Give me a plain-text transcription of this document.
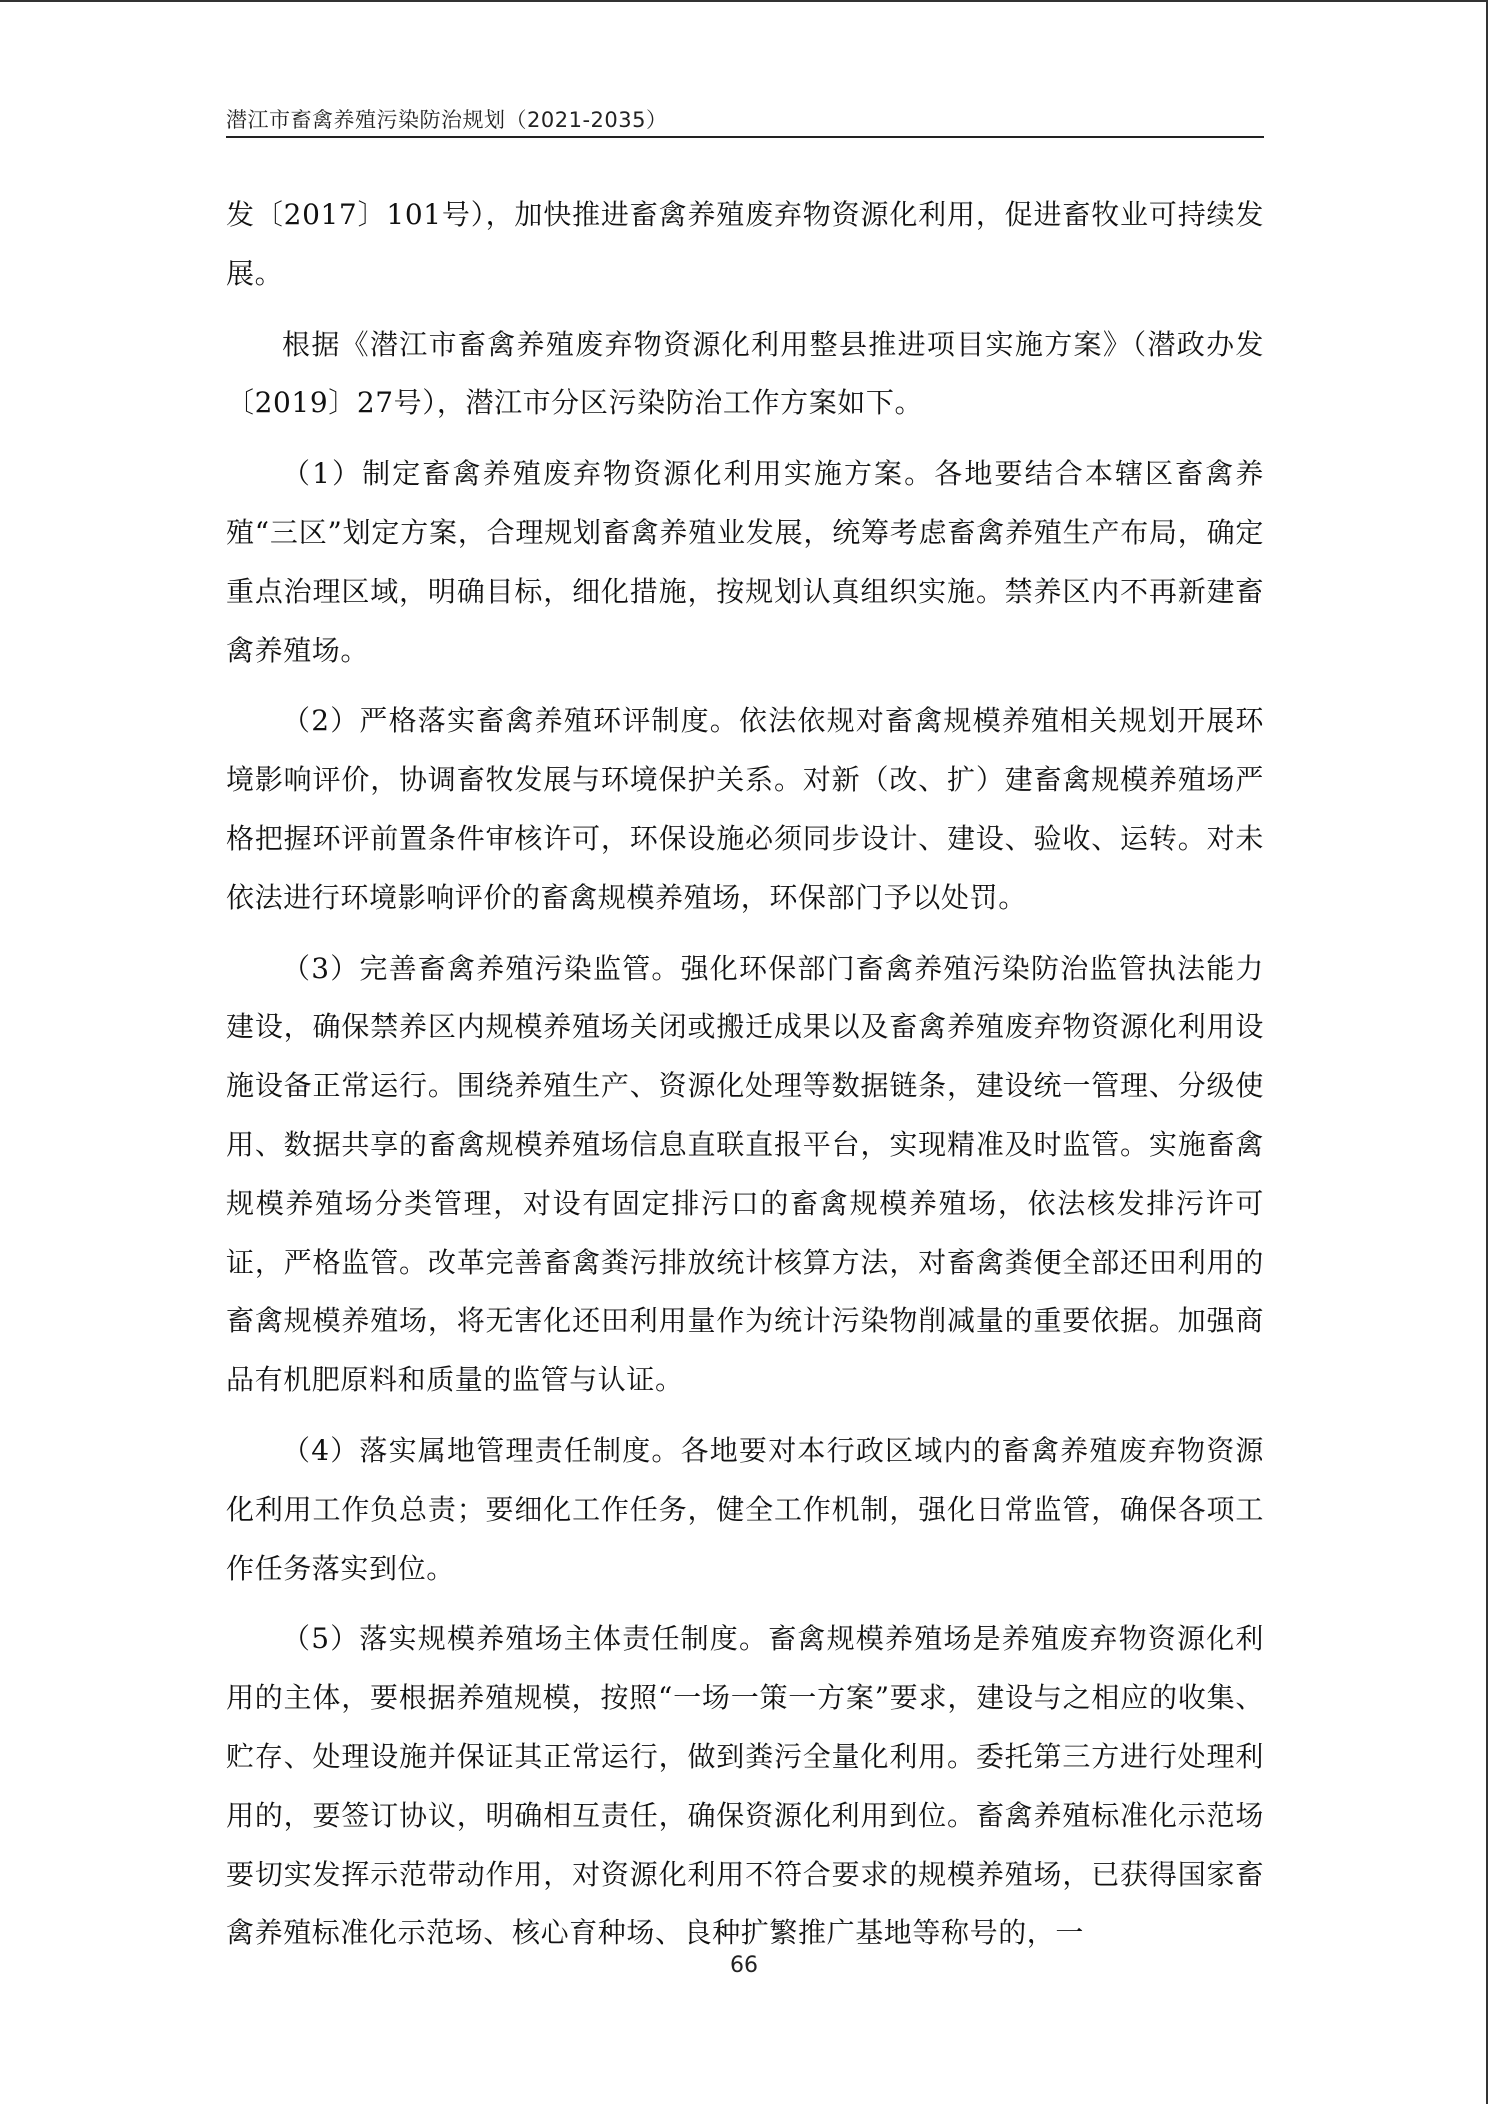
潜江市畜禽养殖污染防治规划（2021-2035）

发〔2017〕101号），加快推进畜禽养殖废弃物资源化利用，促进畜牧业可持续发展。

根据《潜江市畜禽养殖废弃物资源化利用整县推进项目实施方案》（潜政办发〔2019〕27号），潜江市分区污染防治工作方案如下。

（1）制定畜禽养殖废弃物资源化利用实施方案。各地要结合本辖区畜禽养殖“三区”划定方案，合理规划畜禽养殖业发展，统筹考虑畜禽养殖生产布局，确定重点治理区域，明确目标，细化措施，按规划认真组织实施。禁养区内不再新建畜禽养殖场。

（2）严格落实畜禽养殖环评制度。依法依规对畜禽规模养殖相关规划开展环境影响评价，协调畜牧发展与环境保护关系。对新（改、扩）建畜禽规模养殖场严格把握环评前置条件审核许可，环保设施必须同步设计、建设、验收、运转。对未依法进行环境影响评价的畜禽规模养殖场，环保部门予以处罚。

（3）完善畜禽养殖污染监管。强化环保部门畜禽养殖污染防治监管执法能力建设，确保禁养区内规模养殖场关闭或搬迁成果以及畜禽养殖废弃物资源化利用设施设备正常运行。围绕养殖生产、资源化处理等数据链条，建设统一管理、分级使用、数据共享的畜禽规模养殖场信息直联直报平台，实现精准及时监管。实施畜禽规模养殖场分类管理，对设有固定排污口的畜禽规模养殖场，依法核发排污许可证，严格监管。改革完善畜禽粪污排放统计核算方法，对畜禽粪便全部还田利用的畜禽规模养殖场，将无害化还田利用量作为统计污染物削减量的重要依据。加强商品有机肥原料和质量的监管与认证。

（4）落实属地管理责任制度。各地要对本行政区域内的畜禽养殖废弃物资源化利用工作负总责；要细化工作任务，健全工作机制，强化日常监管，确保各项工作任务落实到位。

（5）落实规模养殖场主体责任制度。畜禽规模养殖场是养殖废弃物资源化利用的主体，要根据养殖规模，按照“一场一策一方案”要求，建设与之相应的收集、贮存、处理设施并保证其正常运行，做到粪污全量化利用。委托第三方进行处理利用的，要签订协议，明确相互责任，确保资源化利用到位。畜禽养殖标准化示范场要切实发挥示范带动作用，对资源化利用不符合要求的规模养殖场，已获得国家畜禽养殖标准化示范场、核心育种场、良种扩繁推广基地等称号的，一

66
